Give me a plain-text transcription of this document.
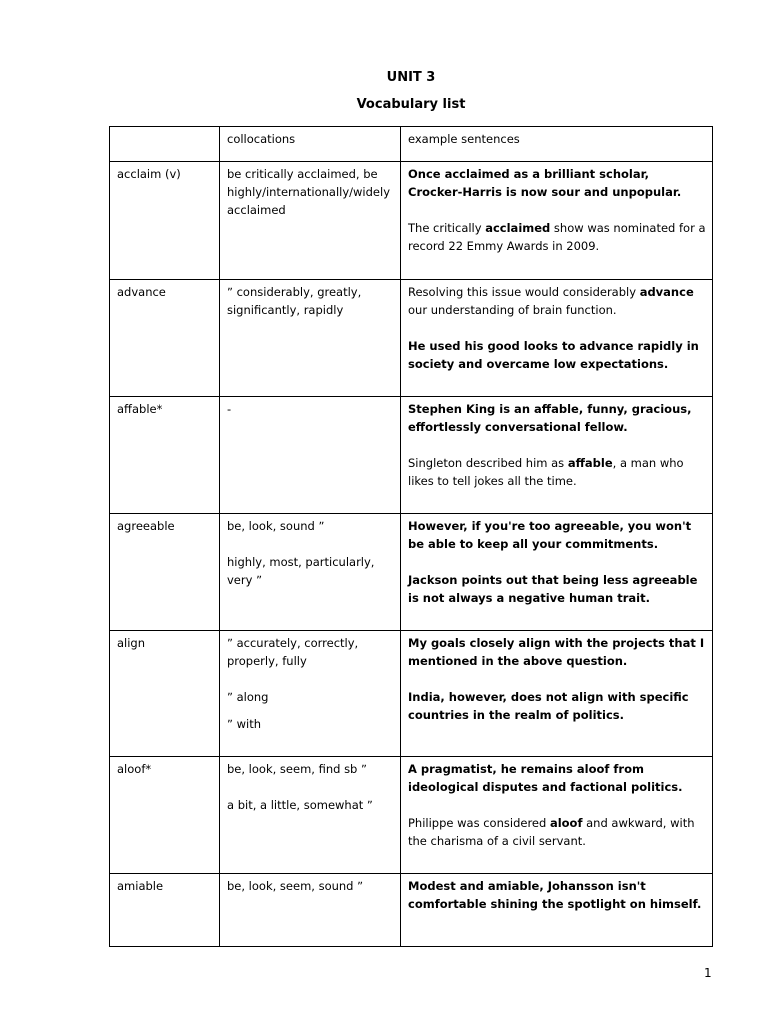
UNIT 3
Vocabulary list
	collocations	example sentences
acclaim (v)	be critically acclaimed, be highly/internationally/widely acclaimed	Once acclaimed as a brilliant scholar, Crocker-Harris is now sour and unpopular.
The critically acclaimed show was nominated for a record 22 Emmy Awards in 2009.

advance	ˮ considerably, greatly, significantly, rapidly	Resolving this issue would considerably advance our understanding of brain function.
He used his good looks to advance rapidly in society and overcame low expectations.

affable*	-	Stephen King is an affable, funny, gracious, effortlessly conversational fellow.
Singleton described him as affable, a man who likes to tell jokes all the time.

agreeable	be, look, sound ˮ
highly, most, particularly, very ˮ	However, if you're too agreeable, you won't be able to keep all your commitments.
Jackson points out that being less agreeable is not always a negative human trait.

align	ˮ accurately, correctly, properly, fully
ˮ along
ˮ with	My goals closely align with the projects that I mentioned in the above question.
India, however, does not align with specific countries in the realm of politics.

aloof*	be, look, seem, find sb ˮ
a bit, a little, somewhat ˮ	A pragmatist, he remains aloof from ideological disputes and factional politics.
Philippe was considered aloof and awkward, with the charisma of a civil servant.

amiable	be, look, seem, sound ˮ	Modest and amiable, Johansson isn't comfortable shining the spotlight on himself.
1
